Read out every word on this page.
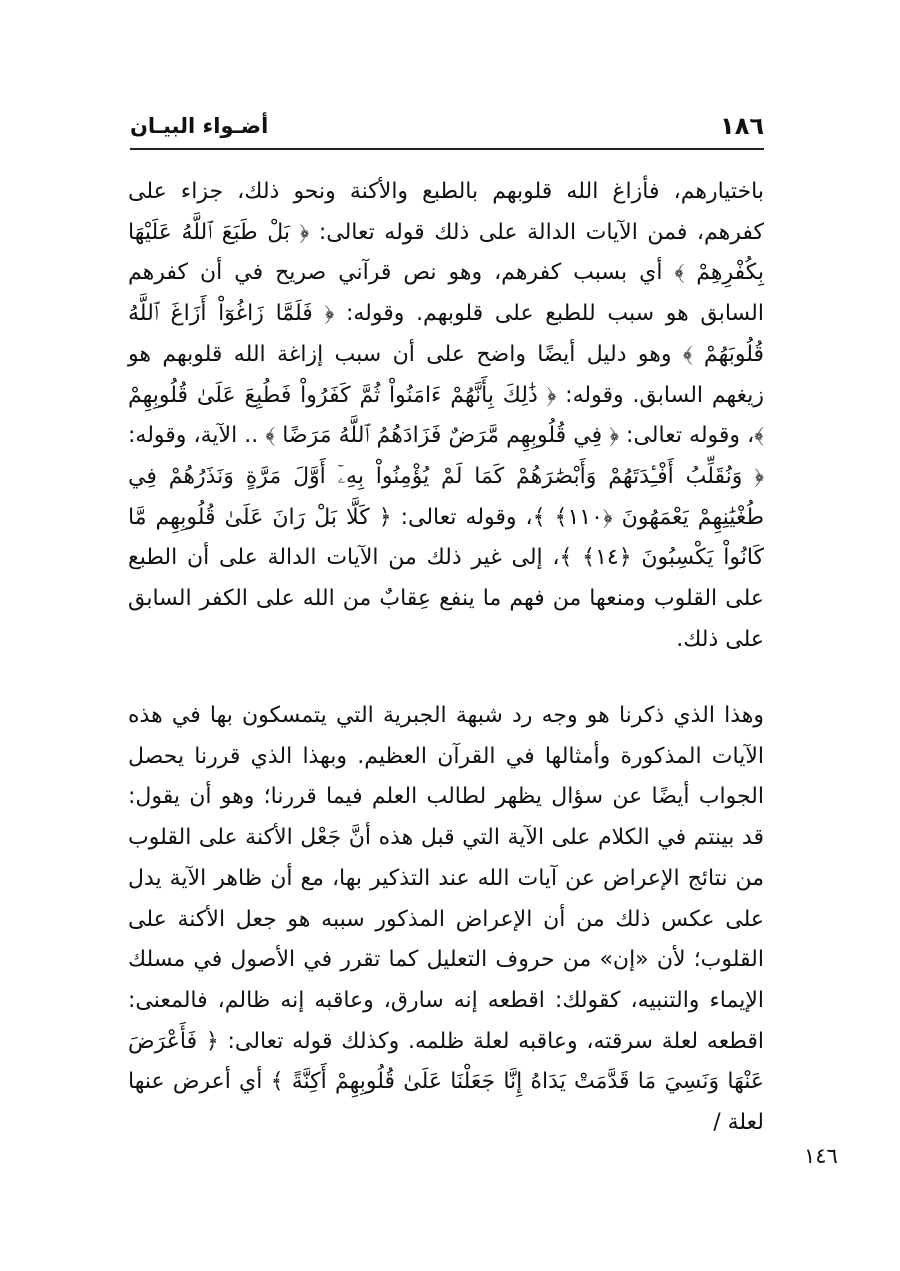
١٨٦
أضـواء البيـان

باختيارهم، فأزاغ الله قلوبهم بالطبع والأكنة ونحو ذلك، جزاء على كفرهم، فمن الآيات الدالة على ذلك قوله تعالى: ﴿ بَلْ طَبَعَ ٱللَّهُ عَلَيْهَا بِكُفْرِهِمْ ﴾ أي بسبب كفرهم، وهو نص قرآني صريح في أن كفرهم السابق هو سبب للطبع على قلوبهم. وقوله: ﴿ فَلَمَّا زَاغُوٓاْ أَزَاغَ ٱللَّهُ قُلُوبَهُمْ ﴾ وهو دليل أيضًا واضح على أن سبب إزاغة الله قلوبهم هو زيغهم السابق. وقوله: ﴿ ذَٰلِكَ بِأَنَّهُمْ ءَامَنُواْ ثُمَّ كَفَرُواْ فَطُبِعَ عَلَىٰ قُلُوبِهِمْ ﴾، وقوله تعالى: ﴿ فِي قُلُوبِهِم مَّرَضٌ فَزَادَهُمُ ٱللَّهُ مَرَضًا ﴾ .. الآية، وقوله: ﴿ وَنُقَلِّبُ أَفْـِٔدَتَهُمْ وَأَبْصَٰرَهُمْ كَمَا لَمْ يُؤْمِنُواْ بِهِۦٓ أَوَّلَ مَرَّةٍ وَنَذَرُهُمْ فِي طُغْيَٰنِهِمْ يَعْمَهُونَ ﴿١١٠﴾ ﴾، وقوله تعالى: ﴿ كَلَّا بَلْ رَانَ عَلَىٰ قُلُوبِهِم مَّا كَانُواْ يَكْسِبُونَ ﴿١٤﴾ ﴾، إلى غير ذلك من الآيات الدالة على أن الطبع على القلوب ومنعها من فهم ما ينفع عِقابٌ من الله على الكفر السابق على ذلك.

وهذا الذي ذكرنا هو وجه رد شبهة الجبرية التي يتمسكون بها في هذه الآيات المذكورة وأمثالها في القرآن العظيم. وبهذا الذي قررنا يحصل الجواب أيضًا عن سؤال يظهر لطالب العلم فيما قررنا؛ وهو أن يقول: قد بينتم في الكلام على الآية التي قبل هذه أنَّ جَعْل الأكنة على القلوب من نتائج الإعراض عن آيات الله عند التذكير بها، مع أن ظاهر الآية يدل على عكس ذلك من أن الإعراض المذكور سببه هو جعل الأكنة على القلوب؛ لأن «إن» من حروف التعليل كما تقرر في الأصول في مسلك الإيماء والتنبيه، كقولك: اقطعه إنه سارق، وعاقبه إنه ظالم، فالمعنى: اقطعه لعلة سرقته، وعاقبه لعلة ظلمه. وكذلك قوله تعالى: ﴿ فَأَعْرَضَ عَنْهَا وَنَسِيَ مَا قَدَّمَتْ يَدَاهُ إِنَّا جَعَلْنَا عَلَىٰ قُلُوبِهِمْ أَكِنَّةً ﴾ أي أعرض عنها لعلة /

١٤٦
